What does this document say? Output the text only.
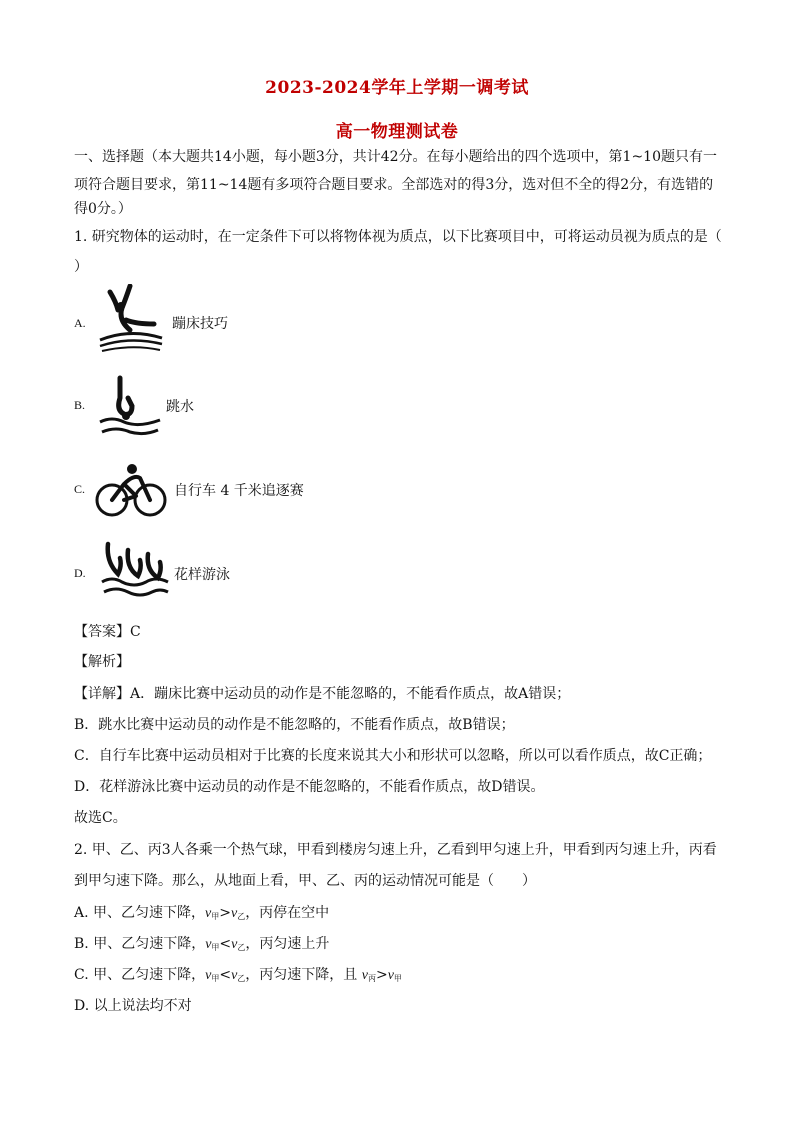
2023-2024学年上学期一调考试
高一物理测试卷
一、选择题（本大题共14小题，每小题3分，共计42分。在每小题给出的四个选项中，第1~10题只有一
项符合题目要求，第11~14题有多项符合题目要求。全部选对的得3分，选对但不全的得2分，有选错的
得0分。）
1. 研究物体的运动时，在一定条件下可以将物体视为质点，以下比赛项目中，可将运动员视为质点的是（
）
A.	蹦床技巧
B.	跳水
C.	自行车 4 千米追逐赛
D.	花样游泳
【答案】C
【解析】
【详解】A．蹦床比赛中运动员的动作是不能忽略的，不能看作质点，故A错误；
B．跳水比赛中运动员的动作是不能忽略的，不能看作质点，故B错误；
C．自行车比赛中运动员相对于比赛的长度来说其大小和形状可以忽略，所以可以看作质点，故C正确；
D．花样游泳比赛中运动员的动作是不能忽略的，不能看作质点，故D错误。
故选C。
2. 甲、乙、丙3人各乘一个热气球，甲看到楼房匀速上升，乙看到甲匀速上升，甲看到丙匀速上升，丙看
到甲匀速下降。那么，从地面上看，甲、乙、丙的运动情况可能是（　　）
A. 甲、乙匀速下降，$v_甲>v_乙$，丙停在空中
B. 甲、乙匀速下降，$v_甲<v_乙$，丙匀速上升
C. 甲、乙匀速下降，$v_甲<v_乙$，丙匀速下降，且 $v_丙>v_甲$
D. 以上说法均不对
